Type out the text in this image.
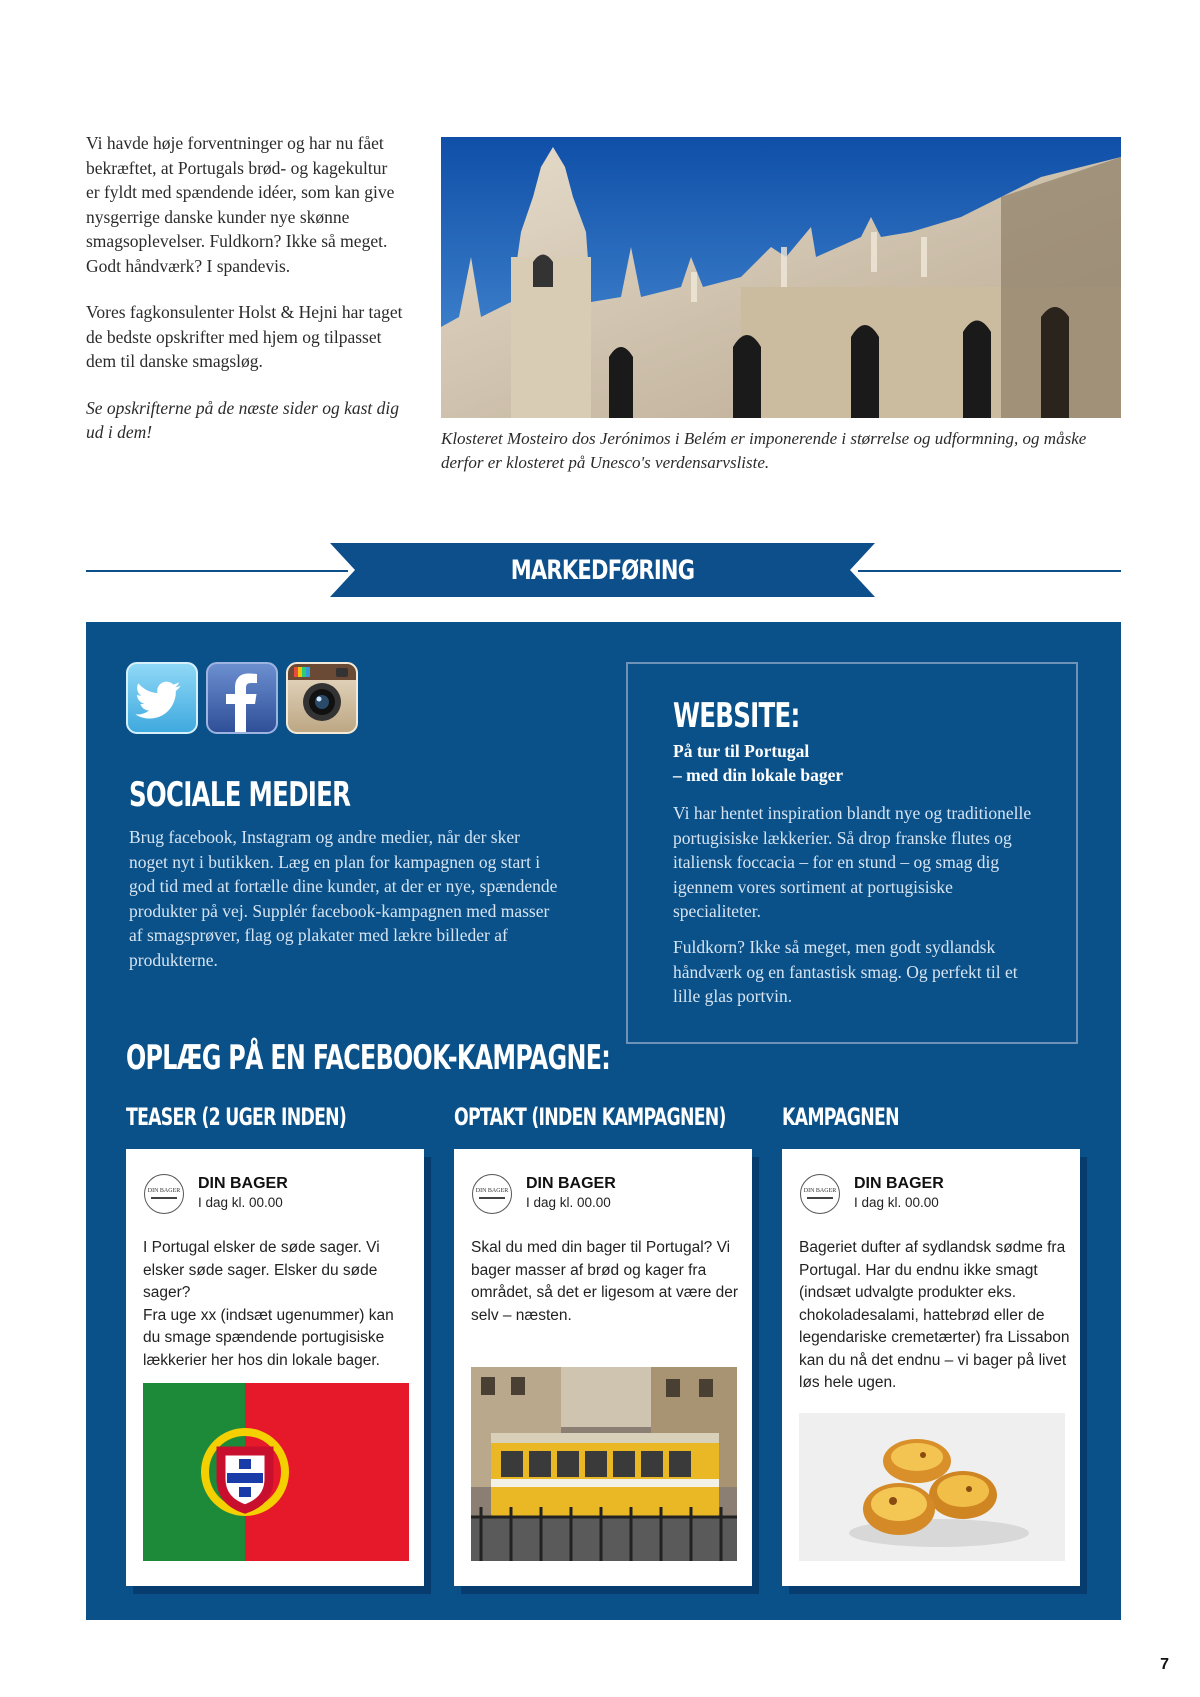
Vi havde høje forventninger og har nu fået bekræftet, at Portugals brød- og kagekultur er fyldt med spændende idéer, som kan give nysgerrige danske kunder nye skønne smagsoplevelser. Fuldkorn? Ikke så meget. Godt håndværk? I spandevis.

Vores fagkonsulenter Holst & Hejni har taget de bedste opskrifter med hjem og tilpasset dem til danske smagsløg.

Se opskrifterne på de næste sider og kast dig ud i dem!	Klosteret Mosteiro dos Jerónimos i Belém er imponerende i størrelse og udformning, og måske derfor er klosteret på Unesco's verdensarvsliste.
MARKEDFØRING
SOCIALE MEDIER
Brug facebook, Instagram og andre medier, når der sker noget nyt i butikken. Læg en plan for kampagnen og start i god tid med at fortælle dine kunder, at der er nye, spændende produkter på vej. Supplér facebook-kampagnen med masser af smagsprøver, flag og plakater med lækre billeder af produkterne.
WEBSITE:
På tur til Portugal
– med din lokale bager
Vi har hentet inspiration blandt nye og traditionelle portugisiske lækkerier. Så drop franske flutes og italiensk foccacia – for en stund – og smag dig igennem vores sortiment at portugisiske specialiteter.
Fuldkorn? Ikke så meget, men godt sydlandsk håndværk og en fantastisk smag. Og perfekt til et lille glas portvin.
OPLÆG PÅ EN FACEBOOK-KAMPAGNE:
TEASER (2 UGER INDEN)	OPTAKT (INDEN KAMPAGNEN) KAMPAGNEN
DIN BAGER DIN BAGER
I dag kl. 00.00
I Portugal elsker de søde sager. Vi elsker søde sager. Elsker du søde sager?
Fra uge xx (indsæt ugenummer) kan du smage spændende portugisiske lækkerier her hos din lokale bager.
DIN BAGER DIN BAGER
I dag kl. 00.00
Skal du med din bager til Portugal? Vi bager masser af brød og kager fra området, så det er ligesom at være der selv – næsten.
DIN BAGER DIN BAGER
I dag kl. 00.00
Bageriet dufter af sydlandsk sødme fra Portugal. Har du endnu ikke smagt (indsæt udvalgte produkter eks. chokoladesalami, hattebrød eller de legendariske cremetærter) fra Lissabon kan du nå det endnu – vi bager på livet løs hele ugen.
7
